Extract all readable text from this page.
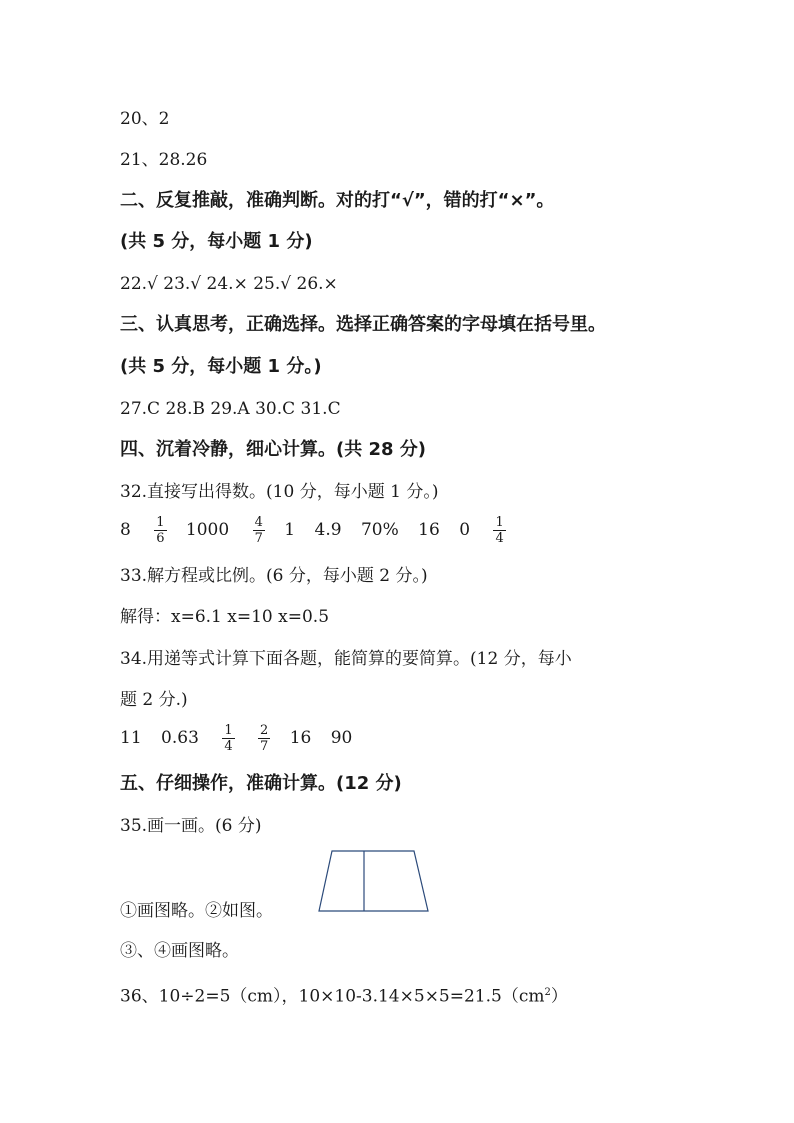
20、2
21、28.26
二、反复推敲，准确判断。对的打“√”，错的打“×”。
(共 5 分，每小题 1 分)
22.√ 23.√ 24.× 25.√ 26.×
三、认真思考，正确选择。选择正确答案的字母填在括号里。
(共 5 分，每小题 1 分。)
27.C 28.B 29.A 30.C 31.C
四、沉着冷静，细心计算。(共 28 分)
32.直接写出得数。(10 分，每小题 1 分。)
$8 \frac{1}{6} 1000 \frac{4}{7} 1$ 4.9 70% 16 $0 \frac{1}{4}$
33.解方程或比例。(6 分，每小题 2 分。)
解得：x=6.1 x=10 x=0.5
34.用递等式计算下面各题，能简算的要简算。(12 分，每小
题 2 分.)
11 $0.63 \frac{1}{4}$
$\frac{2}{7} 16$ 90
五、仔细操作，准确计算。(12 分)
35.画一画。(6 分)
①画图略。②如图。
③、④画图略。
36、10÷2=5（cm），$10\times 10-3.14\times 5\times 5=21.5(cm^2)$
